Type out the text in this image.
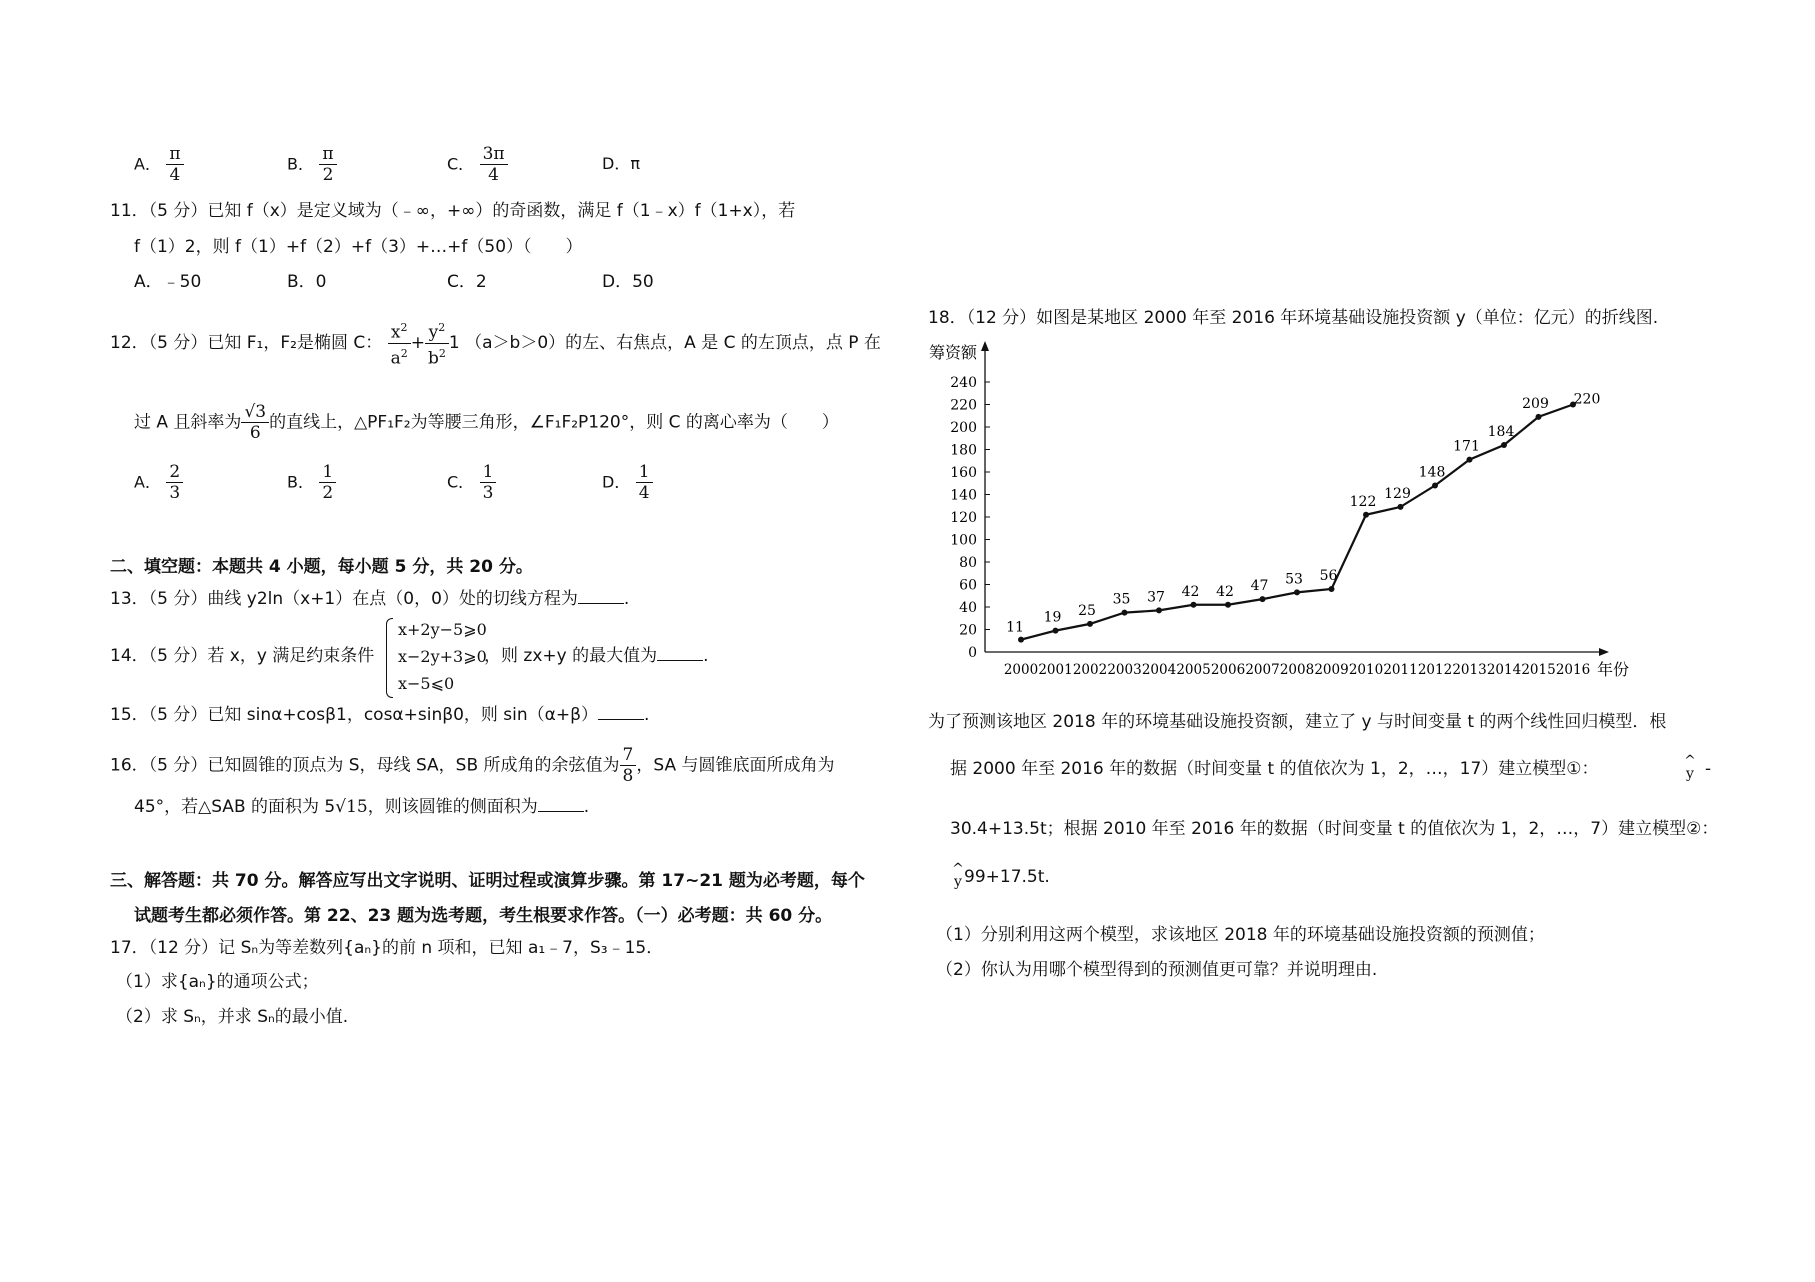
A． $\frac{\pi}{4}$	B． $\frac{\pi}{2}$	C． $\frac{3\pi}{4}$	D．π
11．（5 分）已知 f（x）是定义域为（﹣∞，+∞）的奇函数，满足 f（1﹣x）f（1+x），若
f（1）2，则 f（1）+f（2）+f（3）+…+f（50）（　　）
A．﹣50	B．0	C．2	D．50
12．（5 分）已知 F₁，F₂是椭圆 C： $\frac{x^2}{a^2} + \frac{y^2}{b^2} 1$ （a＞b＞0）的左、右焦点，A 是 C 的左顶点，点 P 在
过 A 且斜率为 $\frac{√3}{6}$ 的直线上，△PF₁F₂为等腰三角形，∠F₁F₂P120°，则 C 的离心率为（　　）
A． $\frac{2}{3}$	B． $\frac{1}{2}$	C． $\frac{1}{3}$	D． $\frac{1}{4}$
二、填空题：本题共 4 小题，每小题 5 分，共 20 分。
13．（5 分）曲线 y2ln（x+1）在点（0，0）处的切线方程为	.
14．（5 分）若 x，y 满足约束条件
x+2y−5⩾0
x−2y+3⩾0
x−5⩽0
，则 zx+y 的最大值为	.
15．（5 分）已知 sinα+cosβ1，cosα+sinβ0，则 sin（α+β）	.
16．（5 分）已知圆锥的顶点为 S，母线 SA，SB 所成角的余弦值为 $\frac{7}{8}$ ，SA 与圆锥底面所成角为
45°，若△SAB 的面积为 5√15，则该圆锥的侧面积为	.
三、解答题：共 70 分。解答应写出文字说明、证明过程或演算步骤。第 17~21 题为必考题，每个
试题考生都必须作答。第 22、23 题为选考题，考生根要求作答。（一）必考题：共 60 分。
17．（12 分）记 Sₙ为等差数列{aₙ}的前 n 项和，已知 a₁﹣7，S₃﹣15．
（1）求{aₙ}的通项公式；
（2）求 Sₙ，并求 Sₙ的最小值.
18．（12 分）如图是某地区 2000 年至 2016 年环境基础设施投资额 y（单位：亿元）的折线图.
筹资额
年份
0
20
40
60
80
100
120
140
160
180
200
220
240
2000 2001 2002 2003 2004 2005 2006 2007 2008 2009 2010 2011 2012 2013 2014 2015 2016
11
19 25
35 37 42 42 47 53 56
122 129
148
171
184
209 220
为了预测该地区 2018 年的环境基础设施投资额，建立了 y 与时间变量 t 的两个线性回归模型．根
据 2000 年至 2016 年的数据（时间变量 t 的值依次为 1，2，…，17）建立模型①：	^
y -
30.4+13.5t；根据 2010 年至 2016 年的数据（时间变量 t 的值依次为 1，2，…，7）建立模型②：
^
y 99+17.5t.
（1）分别利用这两个模型，求该地区 2018 年的环境基础设施投资额的预测值；
（2）你认为用哪个模型得到的预测值更可靠？并说明理由.
